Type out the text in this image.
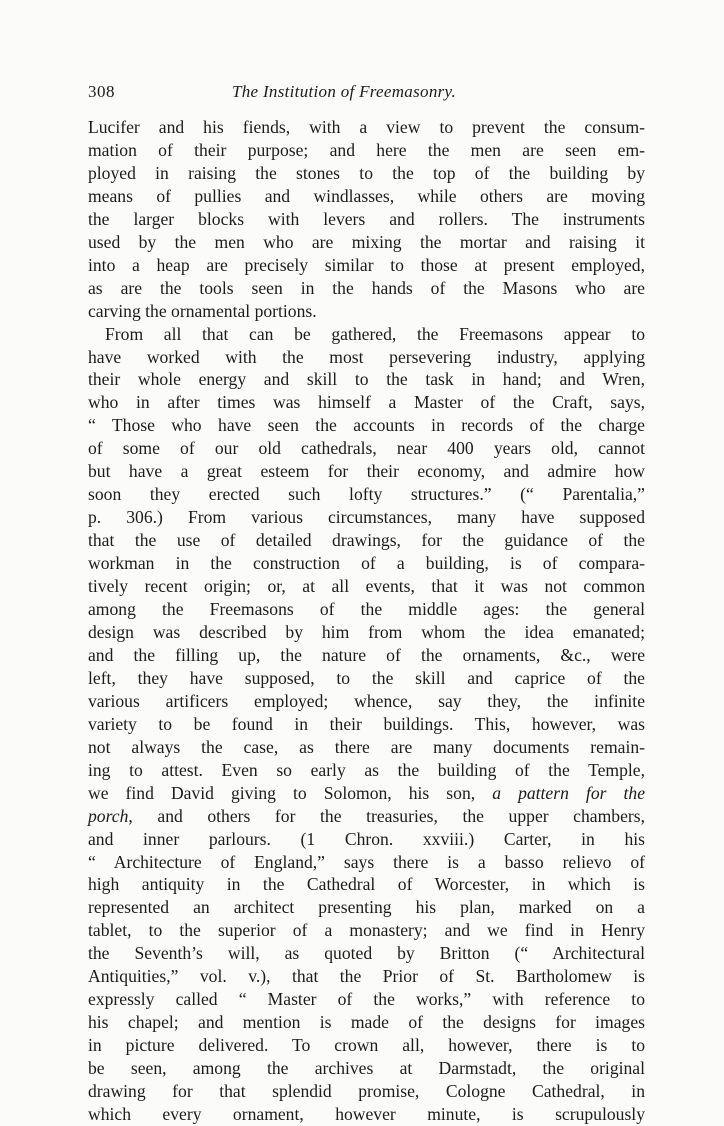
308	The Institution of Freemasonry.
Lucifer and his fiends, with a view to prevent the consum-
mation of their purpose; and here the men are seen em-
ployed in raising the stones to the top of the building by
means of pullies and windlasses, while others are moving
the larger blocks with levers and rollers. The instruments
used by the men who are mixing the mortar and raising it
into a heap are precisely similar to those at present employed,
as are the tools seen in the hands of the Masons who are
carving the ornamental portions.
From all that can be gathered, the Freemasons appear to
have worked with the most persevering industry, applying
their whole energy and skill to the task in hand; and Wren,
who in after times was himself a Master of the Craft, says,
“ Those who have seen the accounts in records of the charge
of some of our old cathedrals, near 400 years old, cannot
but have a great esteem for their economy, and admire how
soon they erected such lofty structures.” (“ Parentalia,”
p. 306.) From various circumstances, many have supposed
that the use of detailed drawings, for the guidance of the
workman in the construction of a building, is of compara-
tively recent origin; or, at all events, that it was not common
among the Freemasons of the middle ages: the general
design was described by him from whom the idea emanated;
and the filling up, the nature of the ornaments, &c., were
left, they have supposed, to the skill and caprice of the
various artificers employed; whence, say they, the infinite
variety to be found in their buildings. This, however, was
not always the case, as there are many documents remain-
ing to attest. Even so early as the building of the Temple,
we find David giving to Solomon, his son, a pattern for the
porch, and others for the treasuries, the upper chambers,
and inner parlours. (1 Chron. xxviii.) Carter, in his
“ Architecture of England,” says there is a basso relievo of
high antiquity in the Cathedral of Worcester, in which is
represented an architect presenting his plan, marked on a
tablet, to the superior of a monastery; and we find in Henry
the Seventh’s will, as quoted by Britton (“ Architectural
Antiquities,” vol. v.), that the Prior of St. Bartholomew is
expressly called “ Master of the works,” with reference to
his chapel; and mention is made of the designs for images
in picture delivered. To crown all, however, there is to
be seen, among the archives at Darmstadt, the original
drawing for that splendid promise, Cologne Cathedral, in
which every ornament, however minute, is scrupulously
